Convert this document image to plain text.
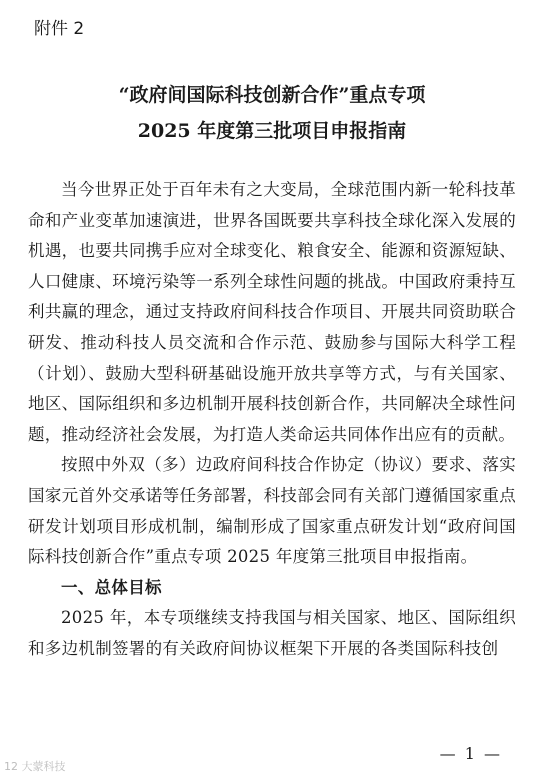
附件 2
“政府间国际科技创新合作”重点专项
2025 年度第三批项目申报指南

当今世界正处于百年未有之大变局，全球范围内新一轮科技革命和产业变革加速演进，世界各国既要共享科技全球化深入发展的机遇，也要共同携手应对全球变化、粮食安全、能源和资源短缺、人口健康、环境污染等一系列全球性问题的挑战。中国政府秉持互利共赢的理念，通过支持政府间科技合作项目、开展共同资助联合研发、推动科技人员交流和合作示范、鼓励参与国际大科学工程（计划）、鼓励大型科研基础设施开放共享等方式，与有关国家、地区、国际组织和多边机制开展科技创新合作，共同解决全球性问题，推动经济社会发展，为打造人类命运共同体作出应有的贡献。

按照中外双（多）边政府间科技合作协定（协议）要求、落实国家元首外交承诺等任务部署，科技部会同有关部门遵循国家重点研发计划项目形成机制，编制形成了国家重点研发计划“政府间国际科技创新合作”重点专项 2025 年度第三批项目申报指南。

一、总体目标

2025 年，本专项继续支持我国与相关国家、地区、国际组织和多边机制签署的有关政府间协议框架下开展的各类国际科技创

— 1 —
12 大蒙科技
